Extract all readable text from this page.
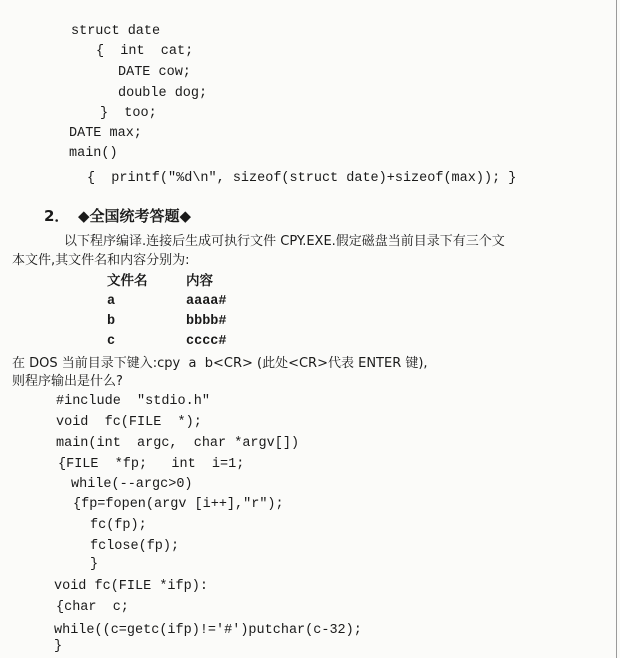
struct date
{  int  cat;
DATE cow;
double dog;
}  too;
DATE max;
main()
{  printf("%d\n", sizeof(struct date)+sizeof(max)); }
2． ◆全国统考答题◆
以下程序编译.连接后生成可执行文件 CPY.EXE.假定磁盘当前目录下有三个文
本文件,其文件名和内容分别为:
文件名	内容
a	aaaa#
b	bbbb#
c	cccc#
在 DOS 当前目录下键入:cpy  a  b<CR> (此处<CR>代表 ENTER 键),
则程序输出是什么?
#include  "stdio.h"
void  fc(FILE  *);
main(int  argc,  char *argv[])
{FILE  *fp;   int  i=1;
while(--argc>0)
{fp=fopen(argv [i++],"r");
fc(fp);
fclose(fp);
}
void fc(FILE *ifp):
{char  c;
while((c=getc(ifp)!='#')putchar(c-32);
}
